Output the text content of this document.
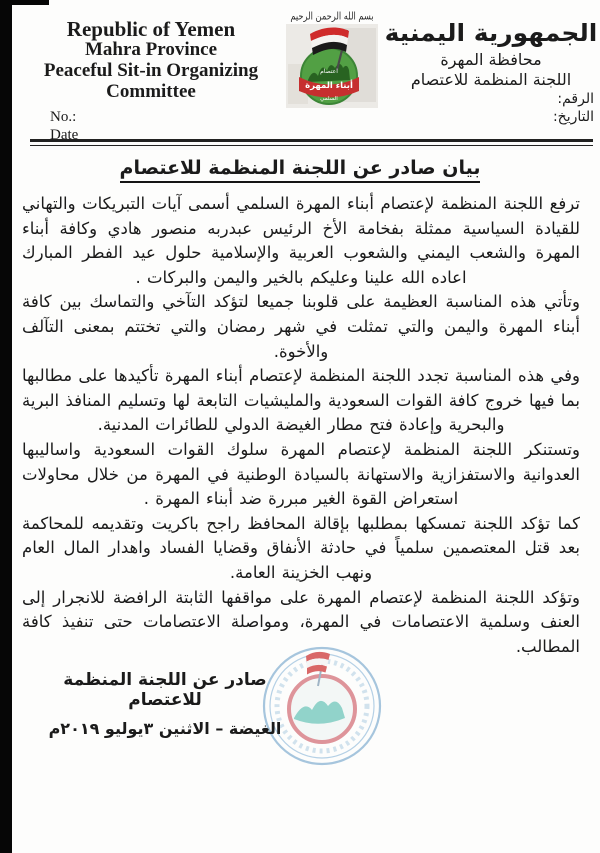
Republic of Yemen
Mahra Province
Peaceful Sit-in Organizing Committee
No.:
Date
بسم الله الرحمن الرحيم
اعتصام
أبناء المهرة
السلمي
الجمهورية اليمنية
محافظة المهرة
اللجنة المنظمة للاعتصام
الرقم:
التاريخ:
بيان صادر عن اللجنة المنظمة للاعتصام

ترفع اللجنة المنظمة لإعتصام أبناء المهرة السلمي أسمى آيات التبريكات والتهاني للقيادة السياسية ممثلة بفخامة الأخ الرئيس عبدربه منصور هادي وكافة أبناء المهرة والشعب اليمني والشعوب العربية والإسلامية حلول عيد الفطر المبارك اعاده الله علينا وعليكم بالخير واليمن والبركات .

وتأتي هذه المناسبة العظيمة على قلوبنا جميعا لتؤكد التآخي والتماسك بين كافة أبناء المهرة واليمن والتي تمثلت في شهر رمضان والتي تختتم بمعنى التآلف والأخوة.

وفي هذه المناسبة تجدد اللجنة المنظمة لإعتصام أبناء المهرة تأكيدها على مطالبها بما فيها خروج كافة القوات السعودية والمليشيات التابعة لها وتسليم المنافذ البرية والبحرية وإعادة فتح مطار الغيضة الدولي للطائرات المدنية.

وتستنكر اللجنة المنظمة لإعتصام المهرة سلوك القوات السعودية واساليبها العدوانية والاستفزازية والاستهانة بالسيادة الوطنية في المهرة من خلال محاولات استعراض القوة الغير مبررة ضد أبناء المهرة .

كما تؤكد اللجنة تمسكها بمطلبها بإقالة المحافظ راجح باكريت وتقديمه للمحاكمة بعد قتل المعتصمين سلمياً في حادثة الأنفاق وقضايا الفساد واهدار المال العام ونهب الخزينة العامة.

وتؤكد اللجنة المنظمة لإعتصام المهرة على مواقفها الثابتة الرافضة للانجرار إلى العنف وسلمية الاعتصامات في المهرة، ومواصلة الاعتصامات حتى تنفيذ كافة المطالب.

صادر عن اللجنة المنظمة للاعتصام
الغيضة – الاثنين ٣يوليو ٢٠١٩م
